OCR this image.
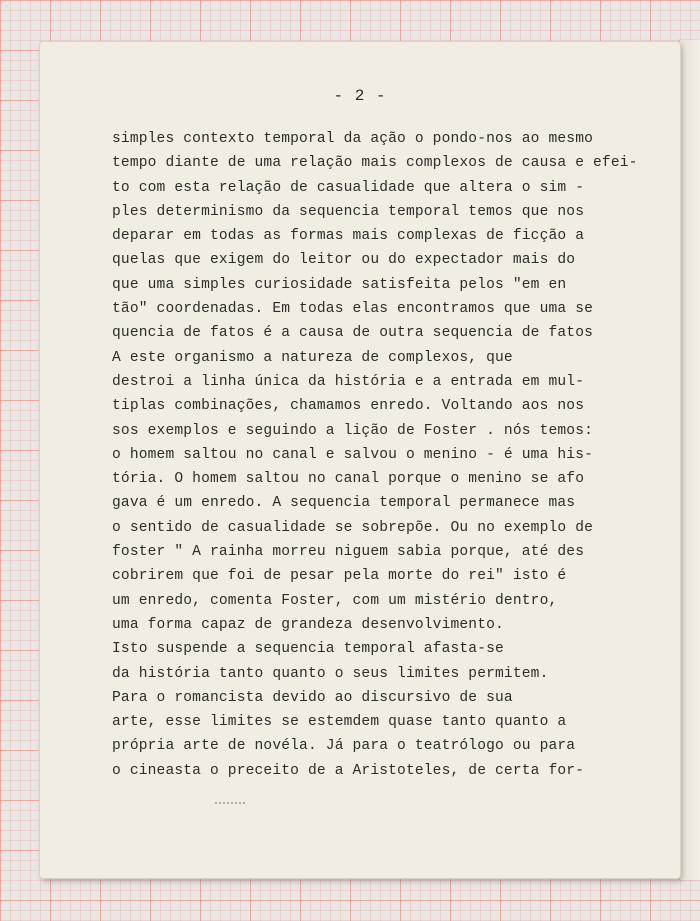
- 2 -
simples contexto temporal da ação o pondo-nos ao mesmo
tempo diante de uma relação mais complexos de causa e efei-
to com esta relação de casualidade que altera o sim -
ples determinismo da sequencia temporal temos que nos
deparar em todas as formas mais complexas de ficção a
quelas que exigem do leitor ou do expectador mais do
que uma simples curiosidade satisfeita pelos "em en
tão" coordenadas. Em todas elas encontramos que uma se
quencia de fatos é a causa de outra sequencia de fatos
A este organismo a natureza de complexos, que
destroi a linha única da história e a entrada em mul-
tiplas combinações, chamamos enredo. Voltando aos nos
sos exemplos e seguindo a lição de Foster . nós temos:
o homem saltou no canal e salvou o menino - é uma his-
tória. O homem saltou no canal porque o menino se afo
gava é um enredo. A sequencia temporal permanece mas
o sentido de casualidade se sobrepõe. Ou no exemplo de
foster " A rainha morreu niguem sabia porque, até des
cobrirem que foi de pesar pela morte do rei" isto é
um enredo, comenta Foster, com um mistério dentro,
uma forma capaz de grandeza desenvolvimento.
Isto suspende a sequencia temporal afasta-se
da história tanto quanto o seus limites permitem.
Para o romancista devido ao discursivo de sua
arte, esse limites se estemdem quase tanto quanto a
própria arte de novéla. Já para o teatrólogo ou para
o cineasta o preceito de a Aristoteles, de certa for-
